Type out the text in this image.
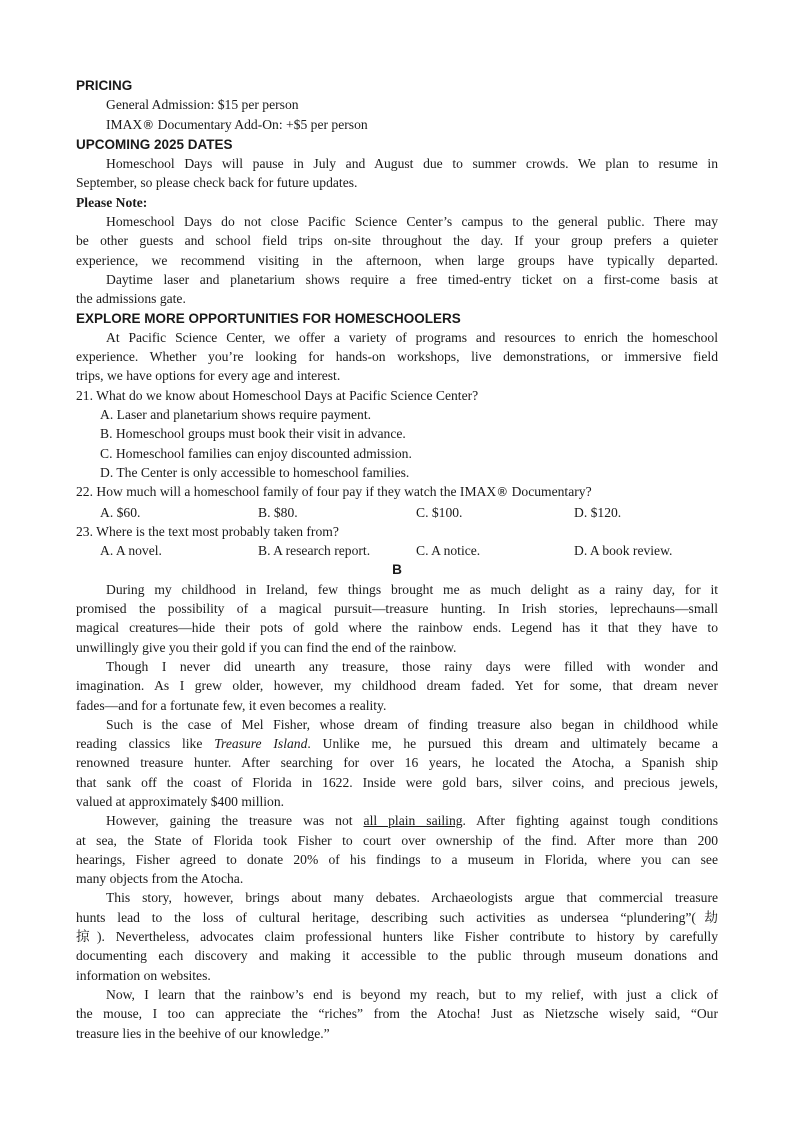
PRICING
General Admission: $15 per person
IMAX® Documentary Add-On: +$5 per person
UPCOMING 2025 DATES
Homeschool Days will pause in July and August due to summer crowds. We plan to resume in
September, so please check back for future updates.
Please Note:
Homeschool Days do not close Pacific Science Center’s campus to the general public. There may
be other guests and school field trips on-site throughout the day. If your group prefers a quieter
experience, we recommend visiting in the afternoon, when large groups have typically departed.
Daytime laser and planetarium shows require a free timed-entry ticket on a first-come basis at
the admissions gate.
EXPLORE MORE OPPORTUNITIES FOR HOMESCHOOLERS
At Pacific Science Center, we offer a variety of programs and resources to enrich the homeschool
experience. Whether you’re looking for hands-on workshops, live demonstrations, or immersive field
trips, we have options for every age and interest.
21. What do we know about Homeschool Days at Pacific Science Center?
A. Laser and planetarium shows require payment.
B. Homeschool groups must book their visit in advance.
C. Homeschool families can enjoy discounted admission.
D. The Center is only accessible to homeschool families.
22. How much will a homeschool family of four pay if they watch the IMAX® Documentary?
A. $60.	B. $80.	C. $100.	D. $120.
23. Where is the text most probably taken from?
A. A novel.	B. A research report.	C. A notice.	D. A book review.
B
During my childhood in Ireland, few things brought me as much delight as a rainy day, for it
promised the possibility of a magical pursuit—treasure hunting. In Irish stories, leprechauns—small
magical creatures—hide their pots of gold where the rainbow ends. Legend has it that they have to
unwillingly give you their gold if you can find the end of the rainbow.
Though I never did unearth any treasure, those rainy days were filled with wonder and
imagination. As I grew older, however, my childhood dream faded. Yet for some, that dream never
fades—and for a fortunate few, it even becomes a reality.
Such is the case of Mel Fisher, whose dream of finding treasure also began in childhood while
reading classics like Treasure Island. Unlike me, he pursued this dream and ultimately became a
renowned treasure hunter. After searching for over 16 years, he located the Atocha, a Spanish ship
that sank off the coast of Florida in 1622. Inside were gold bars, silver coins, and precious jewels,
valued at approximately $400 million.
However, gaining the treasure was not all plain sailing. After fighting against tough conditions
at sea, the State of Florida took Fisher to court over ownership of the find. After more than 200
hearings, Fisher agreed to donate 20% of his findings to a museum in Florida, where you can see
many objects from the Atocha.
This story, however, brings about many debates. Archaeologists argue that commercial treasure
hunts lead to the loss of cultural heritage, describing such activities as undersea “plundering”(劫
掠). Nevertheless, advocates claim professional hunters like Fisher contribute to history by carefully
documenting each discovery and making it accessible to the public through museum donations and
information on websites.
Now, I learn that the rainbow’s end is beyond my reach, but to my relief, with just a click of
the mouse, I too can appreciate the “riches” from the Atocha! Just as Nietzsche wisely said, “Our
treasure lies in the beehive of our knowledge.”
